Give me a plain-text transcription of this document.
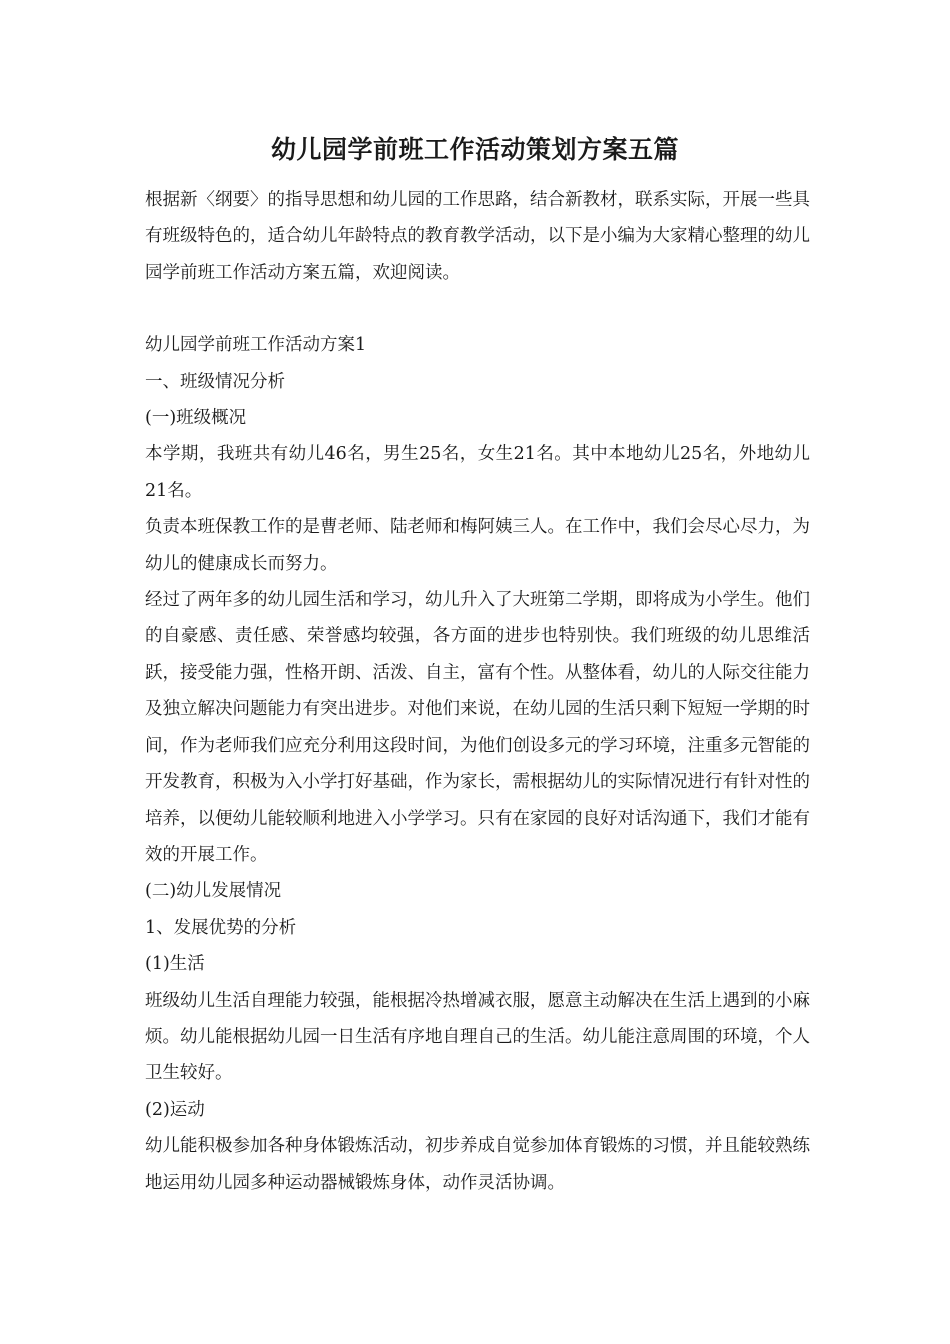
幼儿园学前班工作活动策划方案五篇

根据新〈纲要〉的指导思想和幼儿园的工作思路，结合新教材，联系实际，开展一些具有班级特色的，适合幼儿年龄特点的教育教学活动，以下是小编为大家精心整理的幼儿园学前班工作活动方案五篇，欢迎阅读。

幼儿园学前班工作活动方案1

一、班级情况分析

(一)班级概况

本学期，我班共有幼儿46名，男生25名，女生21名。其中本地幼儿25名，外地幼儿21名。

负责本班保教工作的是曹老师、陆老师和梅阿姨三人。在工作中，我们会尽心尽力，为幼儿的健康成长而努力。

经过了两年多的幼儿园生活和学习，幼儿升入了大班第二学期，即将成为小学生。他们的自豪感、责任感、荣誉感均较强，各方面的进步也特别快。我们班级的幼儿思维活跃，接受能力强，性格开朗、活泼、自主，富有个性。从整体看，幼儿的人际交往能力及独立解决问题能力有突出进步。对他们来说，在幼儿园的生活只剩下短短一学期的时间，作为老师我们应充分利用这段时间，为他们创设多元的学习环境，注重多元智能的开发教育，积极为入小学打好基础，作为家长，需根据幼儿的实际情况进行有针对性的培养，以便幼儿能较顺利地进入小学学习。只有在家园的良好对话沟通下，我们才能有效的开展工作。

(二)幼儿发展情况

1、发展优势的分析

(1)生活

班级幼儿生活自理能力较强，能根据冷热增减衣服，愿意主动解决在生活上遇到的小麻烦。幼儿能根据幼儿园一日生活有序地自理自己的生活。幼儿能注意周围的环境，个人卫生较好。

(2)运动

幼儿能积极参加各种身体锻炼活动，初步养成自觉参加体育锻炼的习惯，并且能较熟练地运用幼儿园多种运动器械锻炼身体，动作灵活协调。
